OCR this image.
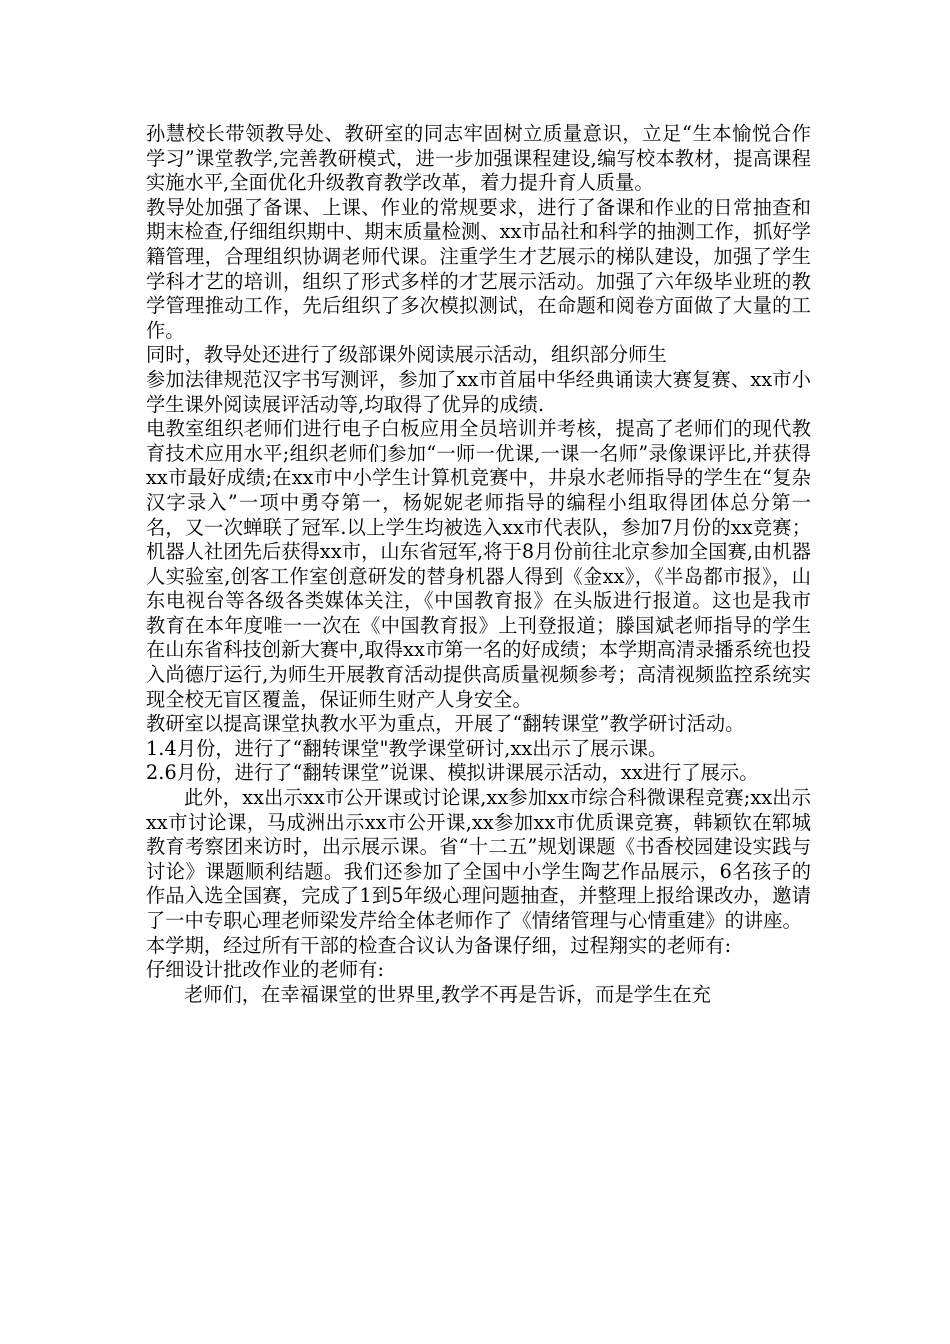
孙慧校长带领教导处、教研室的同志牢固树立质量意识，立足“生本愉悦合作学习”课堂教学,完善教研模式，进一步加强课程建设,编写校本教材，提高课程实施水平,全面优化升级教育教学改革，着力提升育人质量。

教导处加强了备课、上课、作业的常规要求，进行了备课和作业的日常抽查和期末检查,仔细组织期中、期末质量检测、xx市品社和科学的抽测工作，抓好学籍管理，合理组织协调老师代课。注重学生才艺展示的梯队建设，加强了学生学科才艺的培训，组织了形式多样的才艺展示活动。加强了六年级毕业班的教学管理推动工作，先后组织了多次模拟测试，在命题和阅卷方面做了大量的工作。

同时，教导处还进行了级部课外阅读展示活动，组织部分师生

参加法律规范汉字书写测评，参加了xx市首届中华经典诵读大赛复赛、xx市小学生课外阅读展评活动等,均取得了优异的成绩.

电教室组织老师们进行电子白板应用全员培训并考核，提高了老师们的现代教育技术应用水平;组织老师们参加“一师一优课,一课一名师”录像课评比,并获得xx市最好成绩;在xx市中小学生计算机竞赛中，井泉水老师指导的学生在“复杂汉字录入”一项中勇夺第一，杨妮妮老师指导的编程小组取得团体总分第一名，又一次蝉联了冠军.以上学生均被选入xx市代表队，参加7月份的xx竞赛；机器人社团先后获得xx市，山东省冠军,将于8月份前往北京参加全国赛,由机器人实验室,创客工作室创意研发的替身机器人得到《金xx》，《半岛都市报》，山东电视台等各级各类媒体关注，《中国教育报》在头版进行报道。这也是我市教育在本年度唯一一次在《中国教育报》上刊登报道；滕国斌老师指导的学生在山东省科技创新大赛中,取得xx市第一名的好成绩；本学期高清录播系统也投入尚德厅运行,为师生开展教育活动提供高质量视频参考；高清视频监控系统实现全校无盲区覆盖，保证师生财产人身安全。

教研室以提高课堂执教水平为重点，开展了“翻转课堂”教学研讨活动。

1.4月份，进行了“翻转课堂"教学课堂研讨,xx出示了展示课。

2.6月份，进行了“翻转课堂”说课、模拟讲课展示活动，xx进行了展示。

此外，xx出示xx市公开课或讨论课,xx参加xx市综合科微课程竞赛;xx出示xx市讨论课，马成洲出示xx市公开课,xx参加xx市优质课竞赛，韩颖钦在郓城教育考察团来访时，出示展示课。省“十二五”规划课题《书香校园建设实践与讨论》课题顺利结题。我们还参加了全国中小学生陶艺作品展示，6名孩子的作品入选全国赛，完成了1到5年级心理问题抽查，并整理上报给课改办，邀请了一中专职心理老师梁发芹给全体老师作了《情绪管理与心情重建》的讲座。

本学期，经过所有干部的检查合议认为备课仔细，过程翔实的老师有:

仔细设计批改作业的老师有:

老师们，在幸福课堂的世界里,教学不再是告诉，而是学生在充
